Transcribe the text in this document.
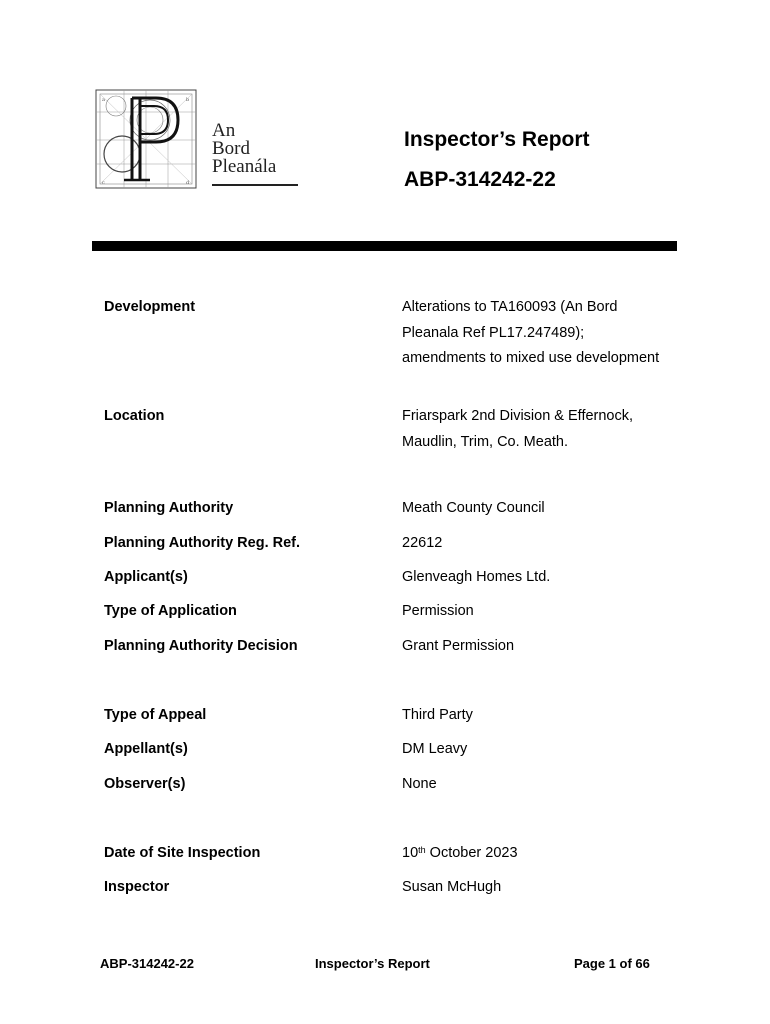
a	b
c	d
An
Bord
Pleanála
Inspector’s Report
ABP-314242-22
Development	Alterations to TA160093 (An Bord Pleanala Ref PL17.247489); amendments to mixed use development
Location	Friarspark 2nd Division & Effernock, Maudlin, Trim, Co. Meath.
Planning Authority	Meath County Council
Planning Authority Reg. Ref.	22612
Applicant(s)	Glenveagh Homes Ltd.
Type of Application	Permission
Planning Authority Decision	Grant Permission
Type of Appeal	Third Party
Appellant(s)	DM Leavy
Observer(s)	None
Date of Site Inspection	10th October 2023
Inspector	Susan McHugh
ABP-314242-22	Inspector’s Report	Page 1 of 66
